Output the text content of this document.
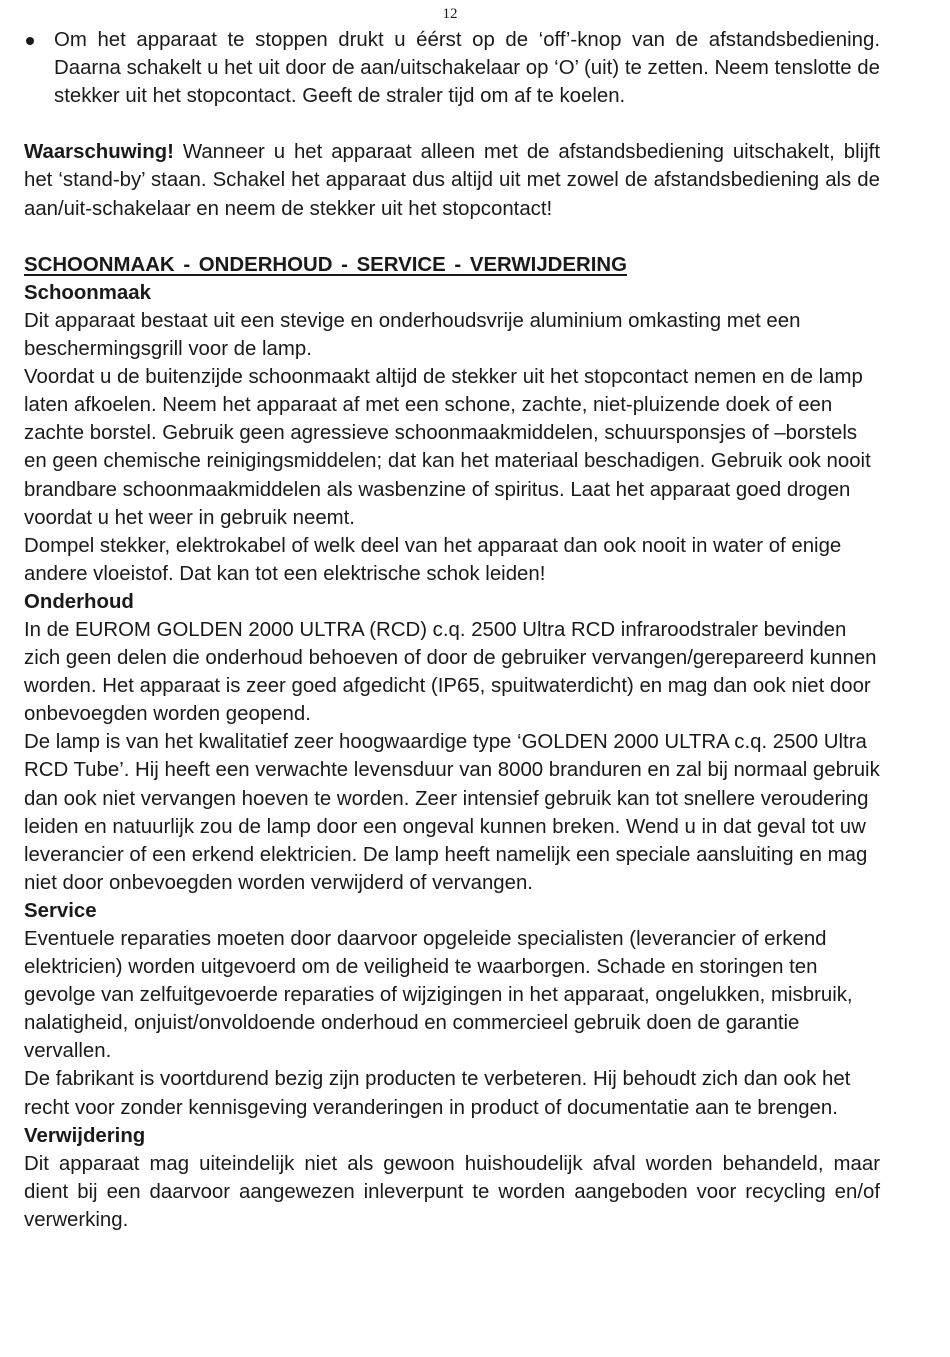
12
Om het apparaat te stoppen drukt u éérst op de ‘off’-knop van de afstandsbediening. Daarna schakelt u het uit door de aan/uitschakelaar op ‘O’ (uit) te zetten. Neem tenslotte de stekker uit het stopcontact. Geeft de straler tijd om af te koelen.

Waarschuwing! Wanneer u het apparaat alleen met de afstandsbediening uitschakelt, blijft het ‘stand-by’ staan. Schakel het apparaat dus altijd uit met zowel de afstandsbediening als de aan/uit-schakelaar en neem de stekker uit het stopcontact!

SCHOONMAAK - ONDERHOUD - SERVICE - VERWIJDERING
Schoonmaak

Dit apparaat bestaat uit een stevige en onderhoudsvrije aluminium omkasting met een beschermingsgrill voor de lamp.

Voordat u de buitenzijde schoonmaakt altijd de stekker uit het stopcontact nemen en de lamp laten afkoelen. Neem het apparaat af met een schone, zachte, niet-pluizende doek of een zachte borstel. Gebruik geen agressieve schoonmaakmiddelen, schuursponsjes of –borstels en geen chemische reinigingsmiddelen; dat kan het materiaal beschadigen. Gebruik ook nooit brandbare schoonmaakmiddelen als wasbenzine of spiritus. Laat het apparaat goed drogen voordat u het weer in gebruik neemt.

Dompel stekker, elektrokabel of welk deel van het apparaat dan ook nooit in water of enige andere vloeistof. Dat kan tot een elektrische schok leiden!

Onderhoud

In de EUROM GOLDEN 2000 ULTRA (RCD) c.q. 2500 Ultra RCD infraroodstraler bevinden zich geen delen die onderhoud behoeven of door de gebruiker vervangen/gerepareerd kunnen worden. Het apparaat is zeer goed afgedicht (IP65, spuitwaterdicht) en mag dan ook niet door onbevoegden worden geopend.

De lamp is van het kwalitatief zeer hoogwaardige type ‘GOLDEN 2000 ULTRA c.q. 2500 Ultra RCD Tube’. Hij heeft een verwachte levensduur van 8000 branduren en zal bij normaal gebruik dan ook niet vervangen hoeven te worden. Zeer intensief gebruik kan tot snellere veroudering leiden en natuurlijk zou de lamp door een ongeval kunnen breken. Wend u in dat geval tot uw leverancier of een erkend elektricien. De lamp heeft namelijk een speciale aansluiting en mag niet door onbevoegden worden verwijderd of vervangen.

Service

Eventuele reparaties moeten door daarvoor opgeleide specialisten (leverancier of erkend elektricien) worden uitgevoerd om de veiligheid te waarborgen. Schade en storingen ten gevolge van zelfuitgevoerde reparaties of wijzigingen in het apparaat, ongelukken, misbruik, nalatigheid, onjuist/onvoldoende onderhoud en commercieel gebruik doen de garantie vervallen.

De fabrikant is voortdurend bezig zijn producten te verbeteren. Hij behoudt zich dan ook het recht voor zonder kennisgeving veranderingen in product of documentatie aan te brengen.

Verwijdering

Dit apparaat mag uiteindelijk niet als gewoon huishoudelijk afval worden behandeld, maar dient bij een daarvoor aangewezen inleverpunt te worden aangeboden voor recycling en/of verwerking.
